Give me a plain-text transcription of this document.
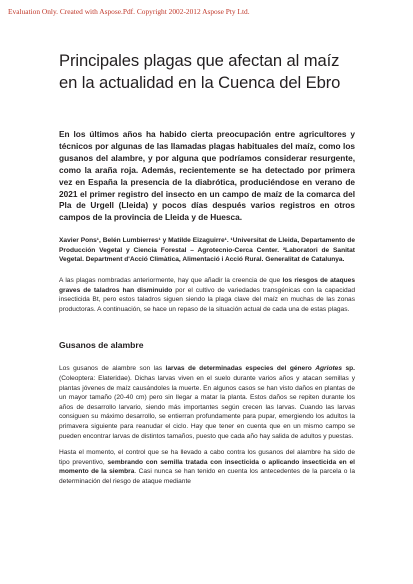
Evaluation Only. Created with Aspose.Pdf. Copyright 2002-2012 Aspose Pty Ltd.
Principales plagas que afectan al maíz en la actualidad en la Cuenca del Ebro

En los últimos años ha habido cierta preocupación entre agricultores y técnicos por algunas de las llamadas plagas habituales del maíz, como los gusanos del alambre, y por alguna que podríamos considerar resurgente, como la araña roja. Además, recientemente se ha detectado por primera vez en España la presencia de la diabrótica, produciéndose en verano de 2021 el primer registro del insecto en un campo de maíz de la comarca del Pla de Urgell (Lleida) y pocos días después varios registros en otros campos de la provincia de Lleida y de Huesca.

Xavier Pons¹, Belén Lumbierres¹ y Matilde Eizaguirre¹. ¹Universitat de Lleida, Departamento de Producción Vegetal y Ciencia Forestal – Agrotecnio-Cerca Center. ²Laboratori de Sanitat Vegetal. Department d'Acció Climàtica, Alimentació i Acció Rural. Generalitat de Catalunya.

A las plagas nombradas anteriormente, hay que añadir la creencia de que los riesgos de ataques graves de taladros han disminuido por el cultivo de variedades transgénicas con la capacidad insecticida Bt, pero estos taladros siguen siendo la plaga clave del maíz en muchas de las zonas productoras. A continuación, se hace un repaso de la situación actual de cada una de estas plagas.

Gusanos de alambre

Los gusanos de alambre son las larvas de determinadas especies del género Agriotes sp. (Coleoptera: Elateridae). Dichas larvas viven en el suelo durante varios años y atacan semillas y plantas jóvenes de maíz causándoles la muerte. En algunos casos se han visto daños en plantas de un mayor tamaño (20-40 cm) pero sin llegar a matar la planta. Estos daños se repiten durante los años de desarrollo larvario, siendo más importantes según crecen las larvas. Cuando las larvas consiguen su máximo desarrollo, se entierran profundamente para pupar, emergiendo los adultos la primavera siguiente para reanudar el ciclo. Hay que tener en cuenta que en un mismo campo se pueden encontrar larvas de distintos tamaños, puesto que cada año hay salida de adultos y puestas.

Hasta el momento, el control que se ha llevado a cabo contra los gusanos del alambre ha sido de tipo preventivo, sembrando con semilla tratada con insecticida o aplicando insecticida en el momento de la siembra. Casi nunca se han tenido en cuenta los antecedentes de la parcela o la determinación del riesgo de ataque mediante
